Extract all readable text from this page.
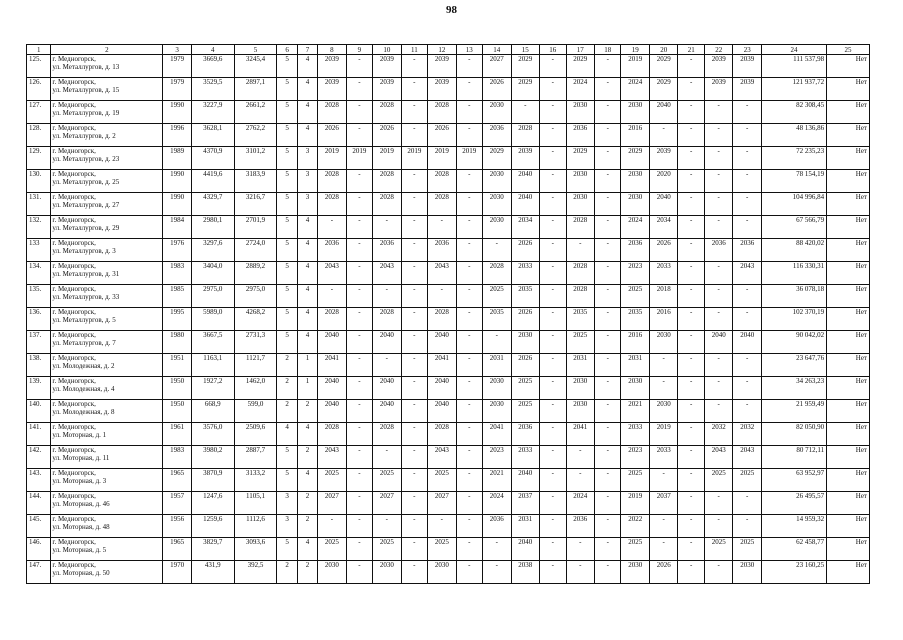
98
1	2	3	4	5	6	7	8	9	10	11	12	13	14	15	16	17	18	19	20	21	22	23	24	25
125.	г. Медногорск,
ул. Металлургов, д. 13	1979	3669,6	3245,4	5	4	2039	-	2039	-	2039	-	2027	2029	-	2029	-	2019	2029	-	2039	2039	111 537,98	Нет
126.	г. Медногорск,
ул. Металлургов, д. 15	1979	3529,5	2897,1	5	4	2039	-	2039	-	2039	-	2026	2029	-	2024	-	2024	2029	-	2039	2039	121 937,72	Нет
127.	г. Медногорск,
ул. Металлургов, д. 19	1990	3227,9	2661,2	5	4	2028	-	2028	-	2028	-	2030	-	-	2030	-	2030	2040	-	-	-	82 308,45	Нет
128.	г. Медногорск,
ул. Металлургов, д. 2	1996	3628,1	2762,2	5	4	2026	-	2026	-	2026	-	2036	2028	-	2036	-	2016	-	-	-	-	48 136,86	Нет
129.	г. Медногорск,
ул. Металлургов, д. 23	1989	4370,9	3101,2	5	3	2019	2019	2019	2019	2019	2019	2029	2039	-	2029	-	2029	2039	-	-	-	72 235,23	Нет
130.	г. Медногорск,
ул. Металлургов, д. 25	1990	4419,6	3183,9	5	3	2028	-	2028	-	2028	-	2030	2040	-	2030	-	2030	2020	-	-	-	78 154,19	Нет
131.	г. Медногорск,
ул. Металлургов, д. 27	1990	4329,7	3216,7	5	3	2028	-	2028	-	2028	-	2030	2040	-	2030	-	2030	2040	-	-	-	104 996,84	Нет
132.	г. Медногорск,
ул. Металлургов, д. 29	1984	2980,1	2701,9	5	4	-	-	-	-	-	-	2030	2034	-	2028	-	2024	2034	-	-	-	67 566,79	Нет
133	г. Медногорск,
ул. Металлургов, д. 3	1976	3297,6	2724,0	5	4	2036	-	2036	-	2036	-	-	2026	-	-	-	2036	2026	-	2036	2036	88 420,02	Нет
134.	г. Медногорск,
ул. Металлургов, д. 31	1983	3404,0	2889,2	5	4	2043	-	2043	-	2043	-	2028	2033	-	2028	-	2023	2033	-	-	2043	116 330,31	Нет
135.	г. Медногорск,
ул. Металлургов, д. 33	1985	2975,0	2975,0	5	4	-	-	-	-	-	-	2025	2035	-	2028	-	2025	2018	-	-	-	36 078,18	Нет
136.	г. Медногорск,
ул. Металлургов, д. 5	1995	5989,0	4268,2	5	4	2028	-	2028	-	2028	-	2035	2026	-	2035	-	2035	2016	-	-	-	102 370,19	Нет
137.	г. Медногорск,
ул. Металлургов, д. 7	1980	3667,5	2731,3	5	4	2040	-	2040	-	2040	-	-	2030	-	2025	-	2016	2030	-	2040	2040	90 042,02	Нет
138.	г. Медногорск,
ул. Молодежная, д. 2	1951	1163,1	1121,7	2	1	2041	-	-	-	2041	-	2031	2026	-	2031	-	2031	-	-	-	-	23 647,76	Нет
139.	г. Медногорск,
ул. Молодежная, д. 4	1950	1927,2	1462,0	2	1	2040	-	2040	-	2040	-	2030	2025	-	2030	-	2030	-	-	-	-	34 263,23	Нет
140.	г. Медногорск,
ул. Молодежная, д. 8	1950	668,9	599,0	2	2	2040	-	2040	-	2040	-	2030	2025	-	2030	-	2021	2030	-	-	-	21 959,49	Нет
141.	г. Медногорск,
ул. Моторная, д. 1	1961	3576,0	2509,6	4	4	2028	-	2028	-	2028	-	2041	2036	-	2041	-	2033	2019	-	2032	2032	82 050,90	Нет
142.	г. Медногорск,
ул. Моторная, д. 11	1983	3980,2	2887,7	5	2	2043	-	-	-	2043	-	2023	2033	-	-	-	2023	2033	-	2043	2043	80 712,11	Нет
143.	г. Медногорск,
ул. Моторная, д. 3	1965	3870,9	3133,2	5	4	2025	-	2025	-	2025	-	2021	2040	-	-	-	2025	-	-	2025	2025	63 952,97	Нет
144.	г. Медногорск,
ул. Моторная, д. 46	1957	1247,6	1105,1	3	2	2027	-	2027	-	2027	-	2024	2037	-	2024	-	2019	2037	-	-	-	26 495,57	Нет
145.	г. Медногорск,
ул. Моторная, д. 48	1956	1259,6	1112,6	3	2	-	-	-	-	-	-	2036	2031	-	2036	-	2022	-	-	-	-	14 959,32	Нет
146.	г. Медногорск,
ул. Моторная, д. 5	1965	3829,7	3093,6	5	4	2025	-	2025	-	2025	-	-	2040	-	-	-	2025	-	-	2025	2025	62 458,77	Нет
147.	г. Медногорск,
ул. Моторная, д. 50	1970	431,9	392,5	2	2	2030	-	2030	-	2030	-	-	2038	-	-	-	2030	2026	-	-	2030	23 160,25	Нет
